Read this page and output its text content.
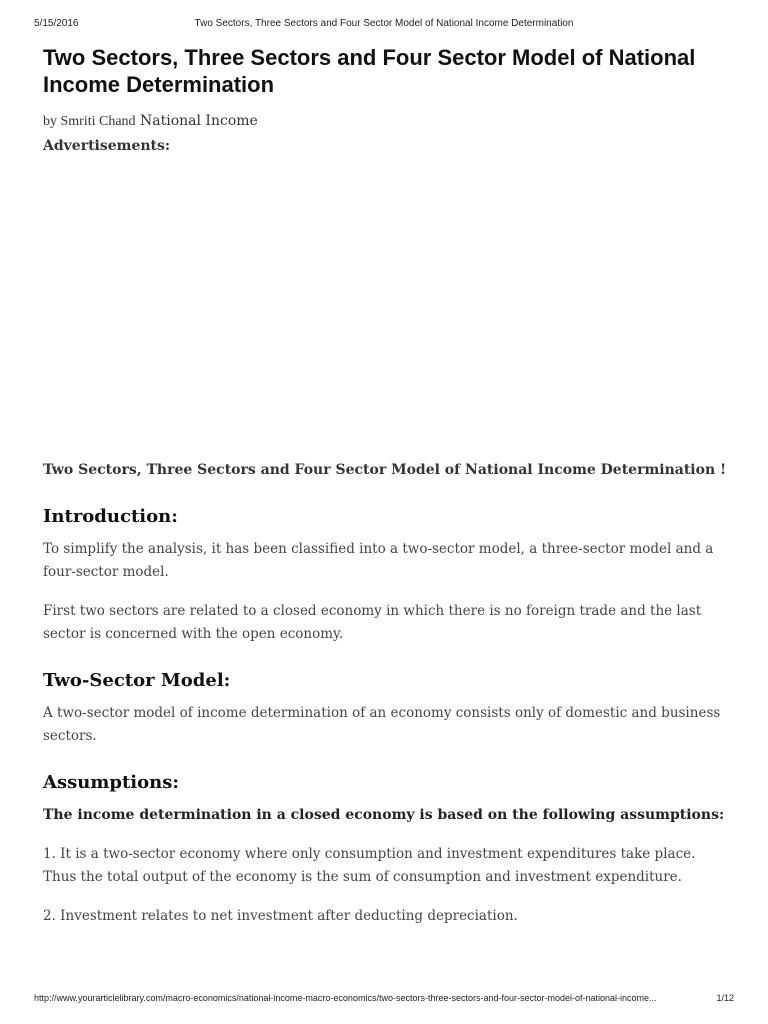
5/15/2016	Two Sectors, Three Sectors and Four Sector Model of National Income Determination
Two Sectors, Three Sectors and Four Sector Model of National Income Determination
by Smriti Chand National Income
Advertisements:

Two Sectors, Three Sectors and Four Sector Model of National Income Determination !

Introduction:

To simplify the analysis, it has been classified into a two-sector model, a three-sector model and a four-sector model.

First two sectors are related to a closed economy in which there is no foreign trade and the last sector is concerned with the open economy.

Two-Sector Model:

A two-sector model of income determination of an economy consists only of domestic and business sectors.

Assumptions:

The income determination in a closed economy is based on the following assumptions:

1. It is a two-sector economy where only consumption and investment expenditures take place. Thus the total output of the economy is the sum of consumption and investment expenditure.

2. Investment relates to net investment after deducting depreciation.

http://www.yourarticlelibrary.com/macro-economics/national-income-macro-economics/two-sectors-three-sectors-and-four-sector-model-of-national-income...	1/12
